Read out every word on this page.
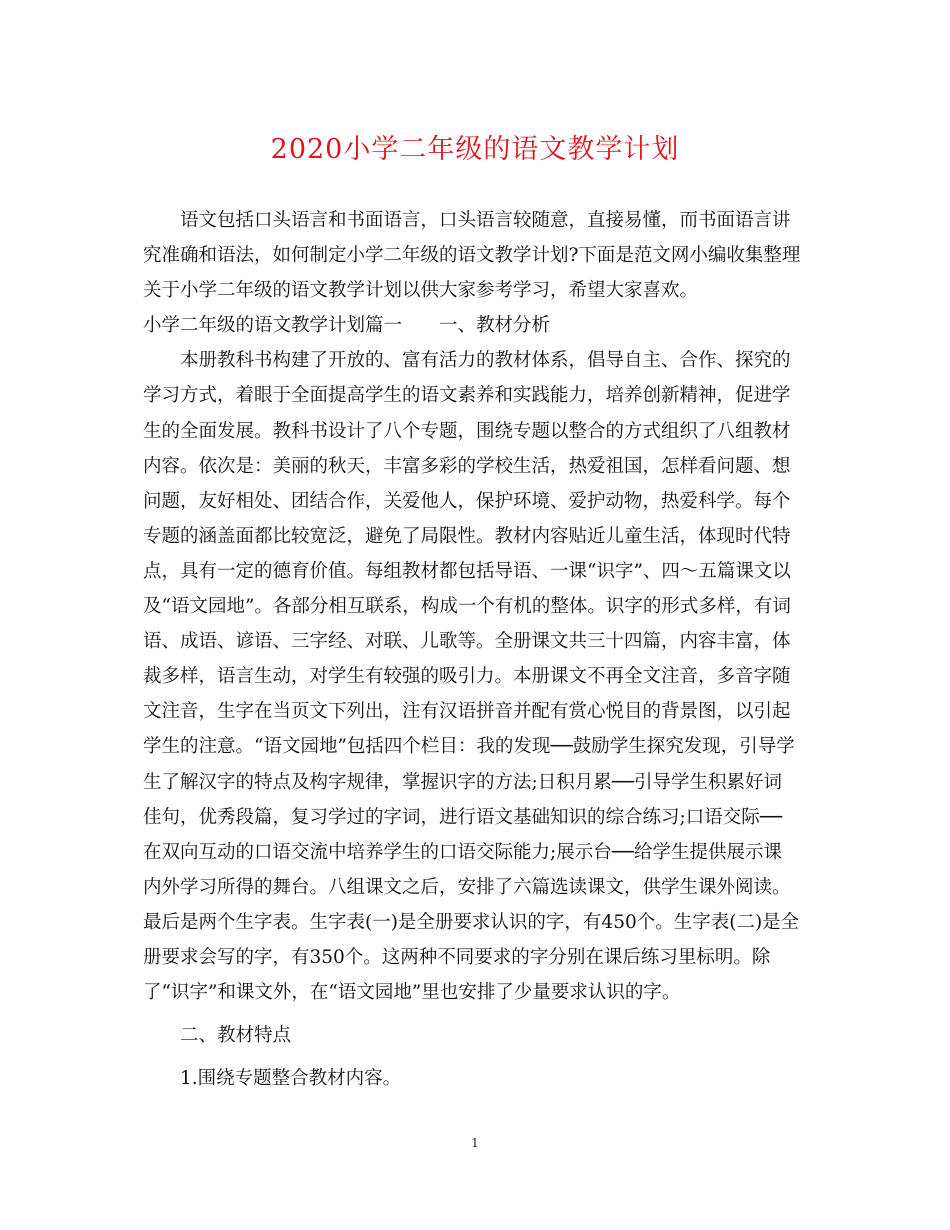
2020小学二年级的语文教学计划
语文包括口头语言和书面语言，口头语言较随意，直接易懂，而书面语言讲
究准确和语法，如何制定小学二年级的语文教学计划?下面是范文网小编收集整理
关于小学二年级的语文教学计划以供大家参考学习，希望大家喜欢。
小学二年级的语文教学计划篇一　　一、教材分析
本册教科书构建了开放的、富有活力的教材体系，倡导自主、合作、探究的
学习方式，着眼于全面提高学生的语文素养和实践能力，培养创新精神，促进学
生的全面发展。教科书设计了八个专题，围绕专题以整合的方式组织了八组教材
内容。依次是：美丽的秋天，丰富多彩的学校生活，热爱祖国，怎样看问题、想
问题，友好相处、团结合作，关爱他人，保护环境、爱护动物，热爱科学。每个
专题的涵盖面都比较宽泛，避免了局限性。教材内容贴近儿童生活，体现时代特
点，具有一定的德育价值。每组教材都包括导语、一课“识字”、四～五篇课文以
及“语文园地”。各部分相互联系，构成一个有机的整体。识字的形式多样，有词
语、成语、谚语、三字经、对联、儿歌等。全册课文共三十四篇，内容丰富，体
裁多样，语言生动，对学生有较强的吸引力。本册课文不再全文注音，多音字随
文注音，生字在当页文下列出，注有汉语拼音并配有赏心悦目的背景图，以引起
学生的注意。“语文园地”包括四个栏目：我的发现──鼓励学生探究发现，引导学
生了解汉字的特点及构字规律，掌握识字的方法;日积月累──引导学生积累好词
佳句，优秀段篇，复习学过的字词，进行语文基础知识的综合练习;口语交际──
在双向互动的口语交流中培养学生的口语交际能力;展示台──给学生提供展示课
内外学习所得的舞台。八组课文之后，安排了六篇选读课文，供学生课外阅读。
最后是两个生字表。生字表(一)是全册要求认识的字，有450个。生字表(二)是全
册要求会写的字，有350个。这两种不同要求的字分别在课后练习里标明。除
了“识字”和课文外，在“语文园地”里也安排了少量要求认识的字。
二、教材特点
1.围绕专题整合教材内容。
1
